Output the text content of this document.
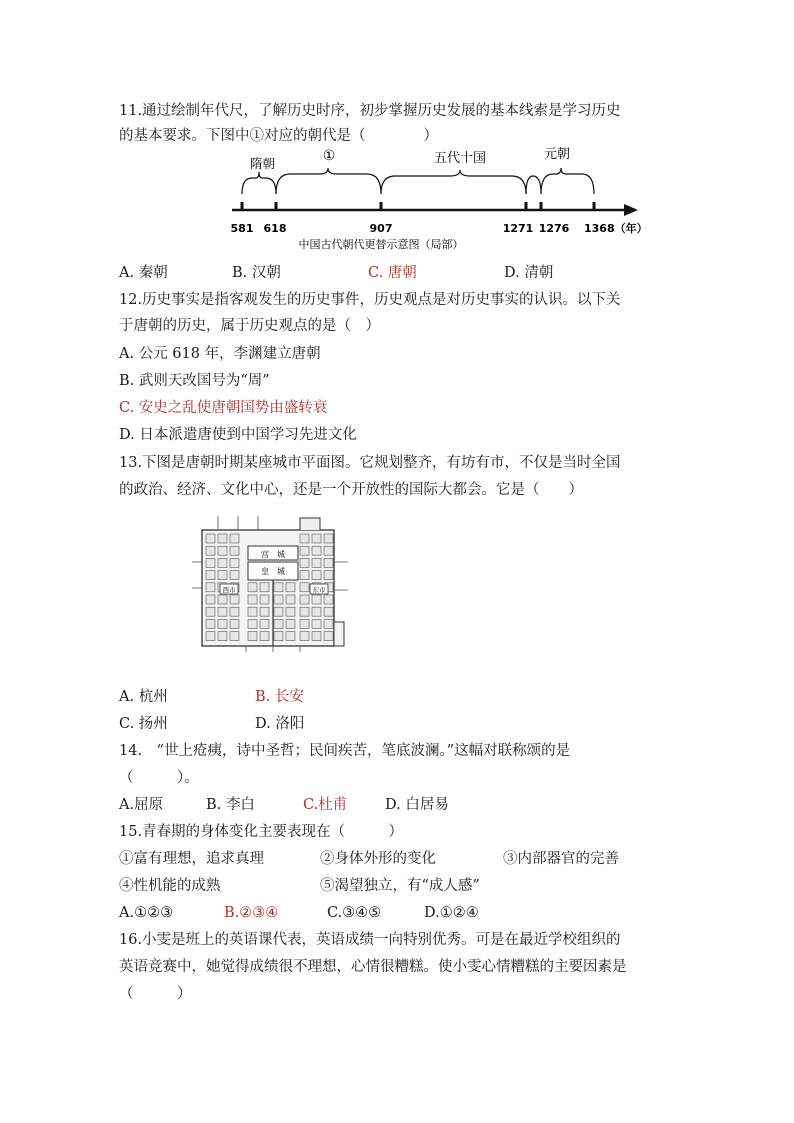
11.通过绘制年代尺，了解历史时序，初步掌握历史发展的基本线索是学习历史
的基本要求。下图中①对应的朝代是（　　　　）
隋朝	①	五代十国	元朝
581 618	907	1271 1276 1368（年）
中国古代朝代更替示意图（局部）
A. 秦朝	B. 汉朝	C. 唐朝	D. 清朝
12.历史事实是指客观发生的历史事件，历史观点是对历史事实的认识。以下关
于唐朝的历史，属于历史观点的是（　）
A. 公元 618 年，李渊建立唐朝
B. 武则天改国号为“周”
C. 安史之乱使唐朝国势由盛转衰
D. 日本派遣唐使到中国学习先进文化
13.下图是唐朝时期某座城市平面图。它规划整齐，有坊有市，不仅是当时全国
的政治、经济、文化中心，还是一个开放性的国际大都会。它是（　　）
宫　城
皇　城
西市	东市
A. 杭州	B. 长安
C. 扬州	D. 洛阳
14.　“世上疮痍，诗中圣哲；民间疾苦，笔底波澜。”这幅对联称颂的是
（　　　）。
A.屈原	B. 李白	C.杜甫	D. 白居易
15.青春期的身体变化主要表现在（　　　）
①富有理想，追求真理	②身体外形的变化	③内部器官的完善
④性机能的成熟	⑤渴望独立，有“成人感”
A.①②③	B.②③④	C.③④⑤	D.①②④
16.小雯是班上的英语课代表，英语成绩一向特别优秀。可是在最近学校组织的
英语竞赛中，她觉得成绩很不理想，心情很糟糕。使小雯心情糟糕的主要因素是
（　　　）
